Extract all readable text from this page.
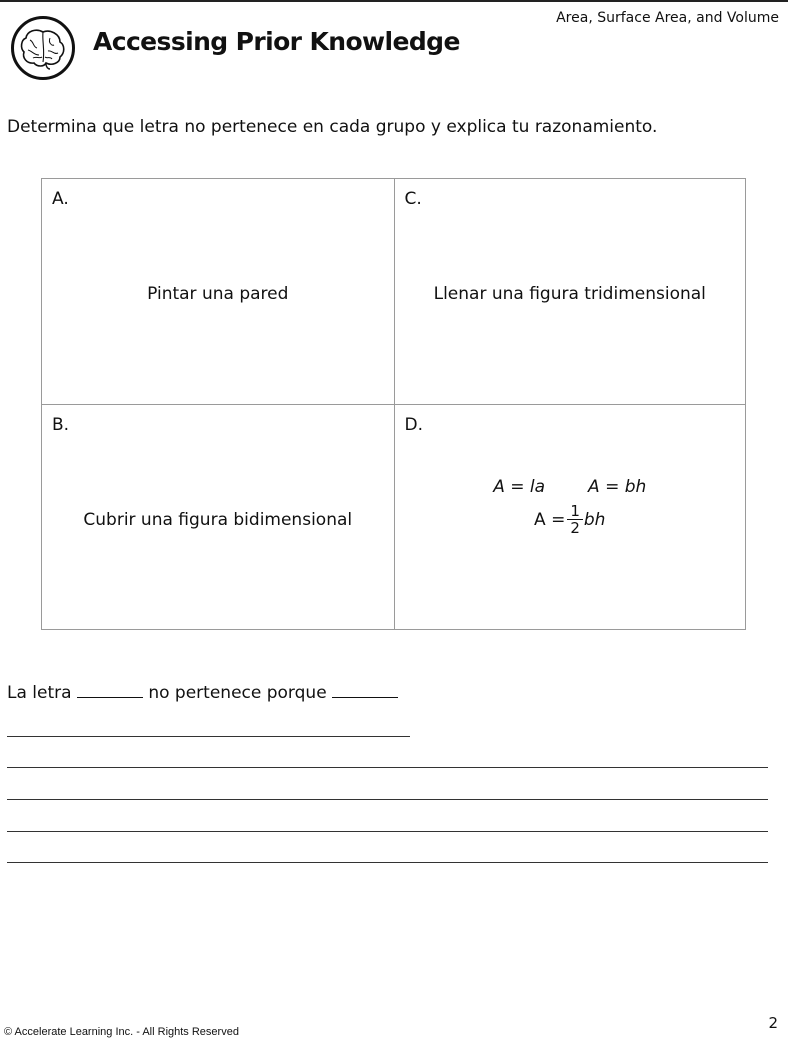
Area, Surface Area, and Volume
Accessing Prior Knowledge
Determina que letra no pertenece en cada grupo y explica tu razonamiento.
A.
Pintar una pared
C.
Llenar una figura tridimensional
B.
Cubrir una figura bidimensional
D.
A = la	A = bh
$A = \frac{1}{2}$ bh
La letra	no pertenece porque
© Accelerate Learning Inc. - All Rights Reserved	2
